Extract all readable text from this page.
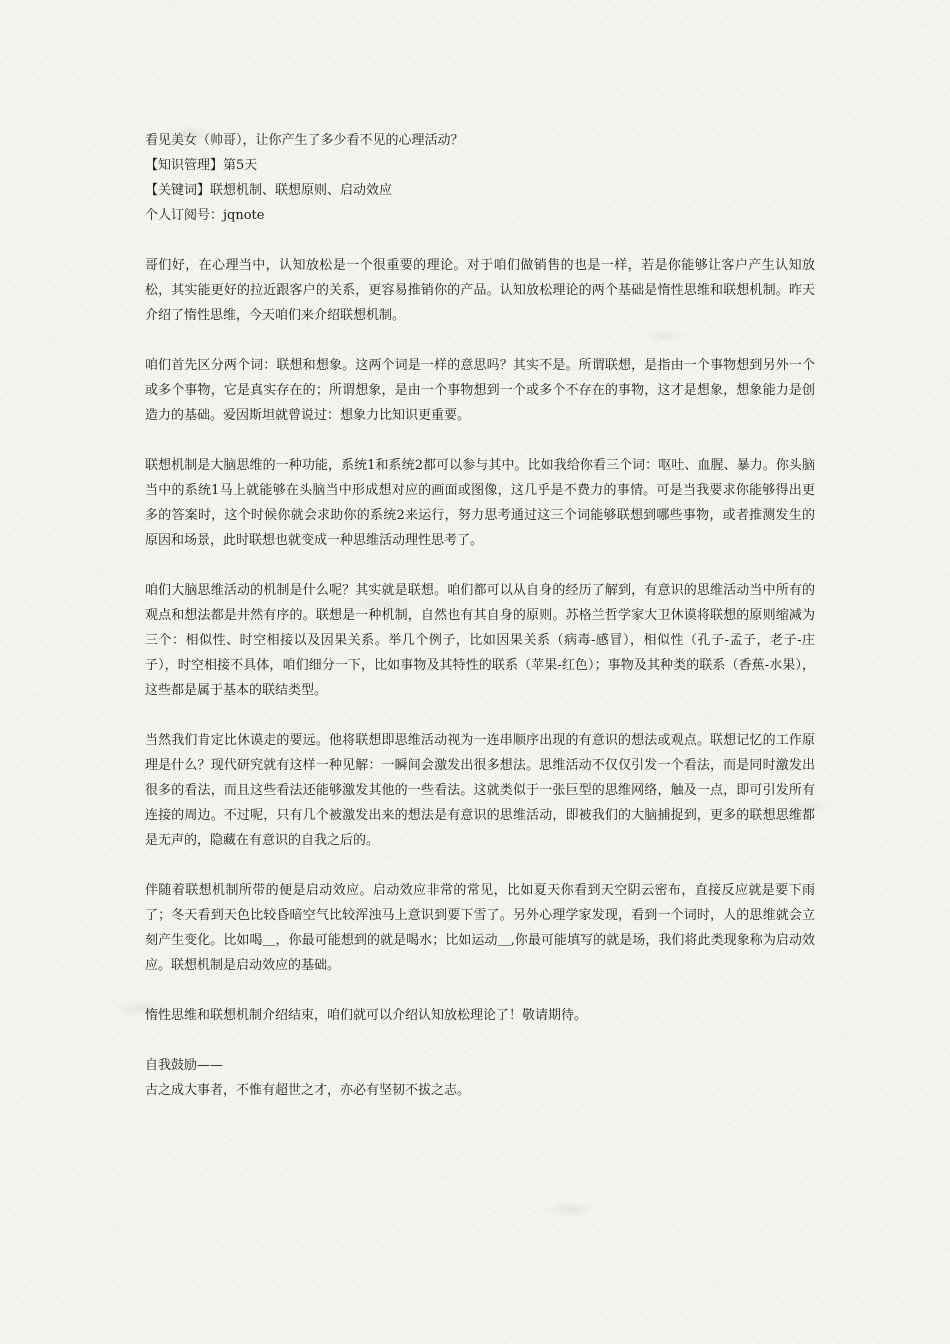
看见美女（帅哥），让你产生了多少看不见的心理活动？

【知识管理】第5天

【关键词】联想机制、联想原则、启动效应

个人订阅号：jqnote

哥们好，在心理当中，认知放松是一个很重要的理论。对于咱们做销售的也是一样，若是你能够让客户产生认知放松，其实能更好的拉近跟客户的关系，更容易推销你的产品。认知放松理论的两个基础是惰性思维和联想机制。昨天介绍了惰性思维，今天咱们来介绍联想机制。

咱们首先区分两个词：联想和想象。这两个词是一样的意思吗？其实不是。所谓联想，是指由一个事物想到另外一个或多个事物，它是真实存在的；所谓想象，是由一个事物想到一个或多个不存在的事物，这才是想象，想象能力是创造力的基础。爱因斯坦就曾说过：想象力比知识更重要。

联想机制是大脑思维的一种功能，系统1和系统2都可以参与其中。比如我给你看三个词：呕吐、血腥、暴力。你头脑当中的系统1马上就能够在头脑当中形成想对应的画面或图像，这几乎是不费力的事情。可是当我要求你能够得出更多的答案时，这个时候你就会求助你的系统2来运行，努力思考通过这三个词能够联想到哪些事物，或者推测发生的原因和场景，此时联想也就变成一种思维活动理性思考了。

咱们大脑思维活动的机制是什么呢？其实就是联想。咱们都可以从自身的经历了解到，有意识的思维活动当中所有的观点和想法都是井然有序的。联想是一种机制，自然也有其自身的原则。苏格兰哲学家大卫休谟将联想的原则缩减为三个：相似性、时空相接以及因果关系。举几个例子，比如因果关系（病毒-感冒），相似性（孔子-孟子，老子-庄子），时空相接不具体，咱们细分一下，比如事物及其特性的联系（苹果-红色）；事物及其种类的联系（香蕉-水果），这些都是属于基本的联结类型。

当然我们肯定比休谟走的要远。他将联想即思维活动视为一连串顺序出现的有意识的想法或观点。联想记忆的工作原理是什么？现代研究就有这样一种见解：一瞬间会激发出很多想法。思维活动不仅仅引发一个看法，而是同时激发出很多的看法，而且这些看法还能够激发其他的一些看法。这就类似于一张巨型的思维网络，触及一点，即可引发所有连接的周边。不过呢，只有几个被激发出来的想法是有意识的思维活动，即被我们的大脑捕捉到，更多的联想思维都是无声的，隐藏在有意识的自我之后的。

伴随着联想机制所带的便是启动效应。启动效应非常的常见，比如夏天你看到天空阴云密布，直接反应就是要下雨了；冬天看到天色比较昏暗空气比较浑浊马上意识到要下雪了。另外心理学家发现，看到一个词时，人的思维就会立刻产生变化。比如喝＿，你最可能想到的就是喝水；比如运动＿,你最可能填写的就是场，我们将此类现象称为启动效应。联想机制是启动效应的基础。

惰性思维和联想机制介绍结束，咱们就可以介绍认知放松理论了！敬请期待。

自我鼓励——

古之成大事者，不惟有超世之才，亦必有坚韧不拔之志。
